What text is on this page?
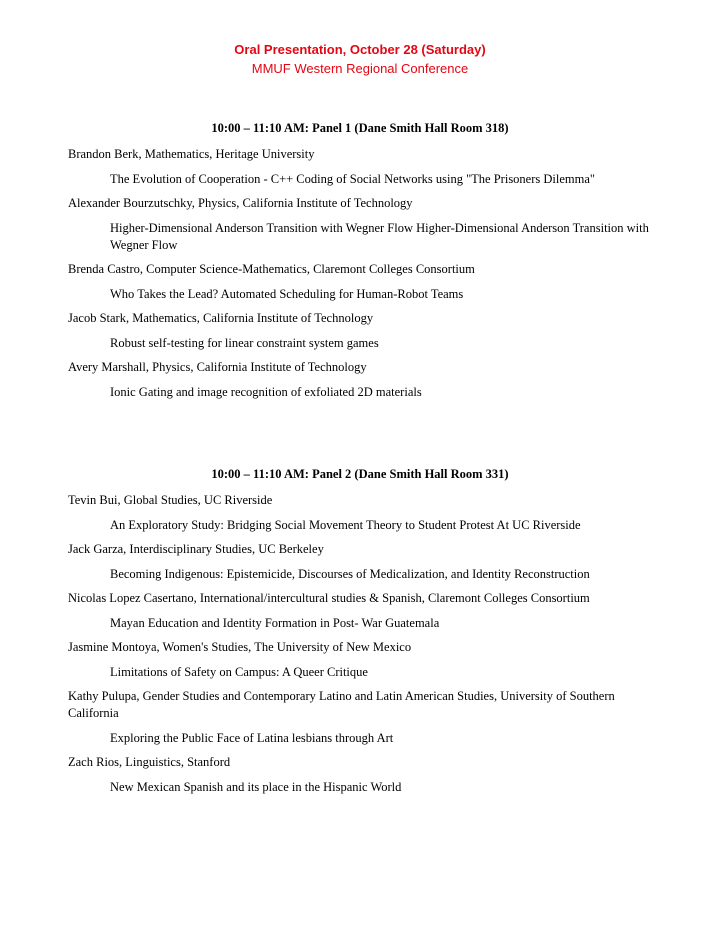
Oral Presentation, October 28 (Saturday)
MMUF Western Regional Conference
10:00 – 11:10 AM: Panel 1 (Dane Smith Hall Room 318)
Brandon Berk, Mathematics, Heritage University
The Evolution of Cooperation - C++ Coding of Social Networks using "The Prisoners Dilemma"
Alexander Bourzutschky, Physics, California Institute of Technology
Higher-Dimensional Anderson Transition with Wegner Flow Higher-Dimensional Anderson Transition with Wegner Flow
Brenda Castro, Computer Science-Mathematics, Claremont Colleges Consortium
Who Takes the Lead? Automated Scheduling for Human-Robot Teams
Jacob Stark, Mathematics, California Institute of Technology
Robust self-testing for linear constraint system games
Avery Marshall, Physics, California Institute of Technology
Ionic Gating and image recognition of exfoliated 2D materials
10:00 – 11:10 AM: Panel 2 (Dane Smith Hall Room 331)
Tevin Bui, Global Studies, UC Riverside
An Exploratory Study: Bridging Social Movement Theory to Student Protest At UC Riverside
Jack Garza, Interdisciplinary Studies, UC Berkeley
Becoming Indigenous: Epistemicide, Discourses of Medicalization, and Identity Reconstruction
Nicolas Lopez Casertano, International/intercultural studies & Spanish, Claremont Colleges Consortium
Mayan Education and Identity Formation in Post- War Guatemala
Jasmine Montoya, Women's Studies, The University of New Mexico
Limitations of Safety on Campus: A Queer Critique
Kathy Pulupa, Gender Studies and Contemporary Latino and Latin American Studies, University of Southern California
Exploring the Public Face of Latina lesbians through Art
Zach Rios, Linguistics, Stanford
New Mexican Spanish and its place in the Hispanic World
